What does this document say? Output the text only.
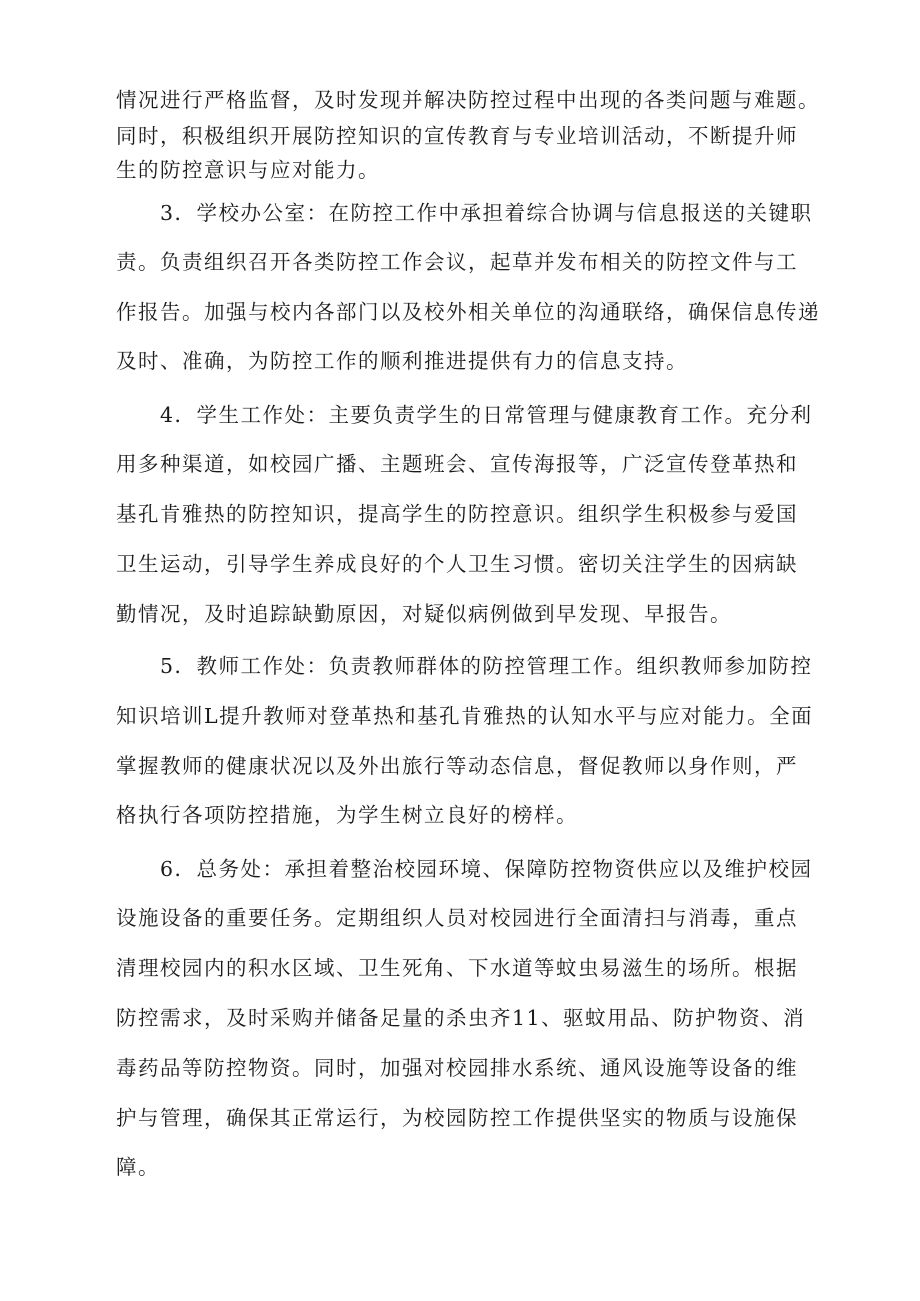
情况进行严格监督，及时发现并解决防控过程中出现的各类问题与难题。
同时，积极组织开展防控知识的宣传教育与专业培训活动，不断提升师
生的防控意识与应对能力。
3．学校办公室：在防控工作中承担着综合协调与信息报送的关键职
责。负责组织召开各类防控工作会议，起草并发布相关的防控文件与工
作报告。加强与校内各部门以及校外相关单位的沟通联络，确保信息传递
及时、准确，为防控工作的顺利推进提供有力的信息支持。
4．学生工作处：主要负责学生的日常管理与健康教育工作。充分利
用多种渠道，如校园广播、主题班会、宣传海报等，广泛宣传登革热和
基孔肯雅热的防控知识，提高学生的防控意识。组织学生积极参与爱国
卫生运动，引导学生养成良好的个人卫生习惯。密切关注学生的因病缺
勤情况，及时追踪缺勤原因，对疑似病例做到早发现、早报告。
5．教师工作处：负责教师群体的防控管理工作。组织教师参加防控
知识培训L提升教师对登革热和基孔肯雅热的认知水平与应对能力。全面
掌握教师的健康状况以及外出旅行等动态信息，督促教师以身作则，严
格执行各项防控措施，为学生树立良好的榜样。
6．总务处：承担着整治校园环境、保障防控物资供应以及维护校园
设施设备的重要任务。定期组织人员对校园进行全面清扫与消毒，重点
清理校园内的积水区域、卫生死角、下水道等蚊虫易滋生的场所。根据
防控需求，及时采购并储备足量的杀虫齐11、驱蚊用品、防护物资、消
毒药品等防控物资。同时，加强对校园排水系统、通风设施等设备的维
护与管理，确保其正常运行，为校园防控工作提供坚实的物质与设施保
障。
